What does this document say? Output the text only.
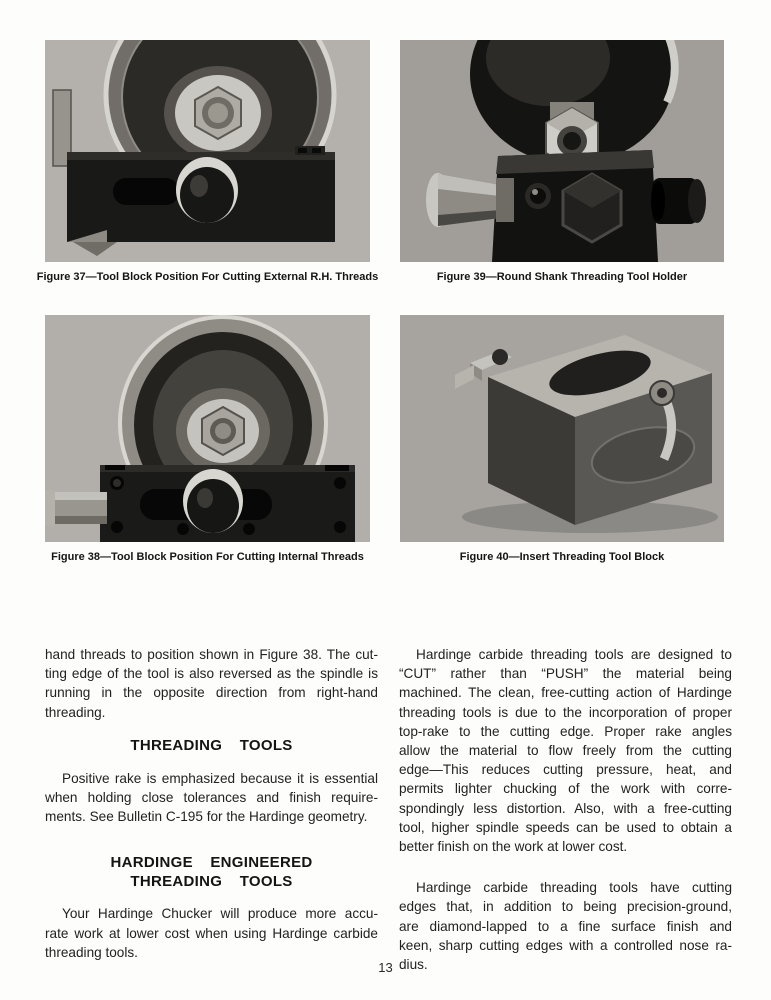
Figure 37—Tool Block Position For Cutting External R.H. Threads	Figure 39—Round Shank Threading Tool Holder
Figure 38—Tool Block Position For Cutting Internal Threads	Figure 40—Insert Threading Tool Block
hand threads to position shown in Figure 38. The cut-
ting edge of the tool is also reversed as the spindle is
running in the opposite direction from right-hand
threading.
THREADING TOOLS
Positive rake is emphasized because it is essential
when holding close tolerances and finish require-
ments. See Bulletin C-195 for the Hardinge geometry.
HARDINGE ENGINEERED
THREADING TOOLS
Your Hardinge Chucker will produce more accu-
rate work at lower cost when using Hardinge carbide
threading tools.
Hardinge carbide threading tools are designed to
“CUT” rather than “PUSH” the material being
machined. The clean, free-cutting action of Hardinge
threading tools is due to the incorporation of proper
top-rake to the cutting edge. Proper rake angles
allow the material to flow freely from the cutting
edge—This reduces cutting pressure, heat, and
permits lighter chucking of the work with corre-
spondingly less distortion. Also, with a free-cutting
tool, higher spindle speeds can be used to obtain a
better finish on the work at lower cost.
Hardinge carbide threading tools have cutting
edges that, in addition to being precision-ground,
are diamond-lapped to a fine surface finish and
keen, sharp cutting edges with a controlled nose ra-
dius.
13
